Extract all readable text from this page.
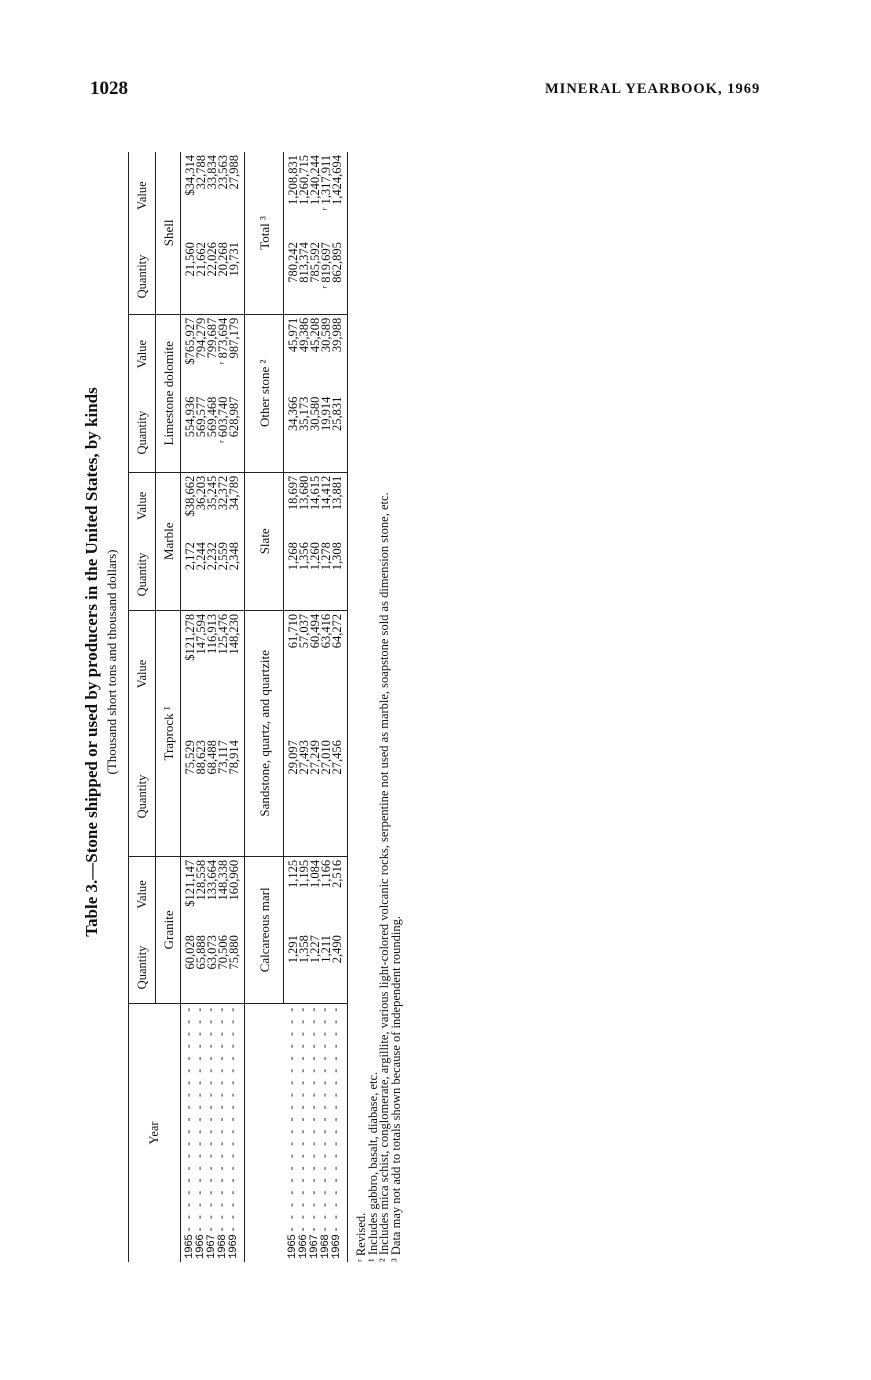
1028	MINERAL YEARBOOK, 1969
Table 3.—Stone shipped or used by producers in the United States, by kinds (Thousand short tons and thousand dollars)
Year	Quantity	Value	Quantity	Value	Quantity	Value	Quantity	Value	Quantity	Value
	Granite		Traprock ¹		Marble		Limestone dolomite		Shell	
1965- - - - - - - - - - - - - - - - - - -	60,028	$121,147	75,529	$121,278	2,172	$38,662	554,936	$765,927	21,560	$34,314
1966- - - - - - - - - - - - - - - - - - -	65,888	128,558	88,623	147,594	2,244	36,203	569,577	794,279	21,662	32,788
1967- - - - - - - - - - - - - - - - - - -	63,073	133,664	68,488	116,913	2,232	35,245	569,468	799,687	22,026	33,834
1968- - - - - - - - - - - - - - - - - - -	70,506	148,338	73,117	125,476	2,559	32,372	ʳ 603,740	ʳ 873,694	20,268	23,563
1969- - - - - - - - - - - - - - - - - - -	75,880	160,960	78,914	148,230	2,348	34,789	628,987	987,179	19,731	27,988
	Calcareous marl		Sandstone, quartz, and quartzite		Slate		Other stone ²		Total ³	
1965- - - - - - - - - - - - - - - - - - -	1,291	1,125	29,097	61,710	1,268	18,697	34,366	45,971	780,242	1,208,831
1966- - - - - - - - - - - - - - - - - - -	1,358	1,195	27,493	57,037	1,356	13,680	35,173	49,386	813,374	1,260,715
1967- - - - - - - - - - - - - - - - - - -	1,227	1,084	27,249	60,494	1,260	14,615	30,580	45,208	785,592	1,240,244
1968- - - - - - - - - - - - - - - - - - -	1,211	1,166	27,010	63,416	1,278	14,412	19,914	30,589	ʳ 819,697	ʳ 1,317,911
1969- - - - - - - - - - - - - - - - - - -	2,490	2,516	27,456	64,272	1,308	13,881	25,831	39,988	862,895	1,424,694
ʳ Revised.
¹ Includes gabbro, basalt, diabase, etc.
² Includes mica schist, conglomerate, argillite, various light-colored volcanic rocks, serpentine not used as marble, soapstone sold as dimension stone, etc.
³ Data may not add to totals shown because of independent rounding.
